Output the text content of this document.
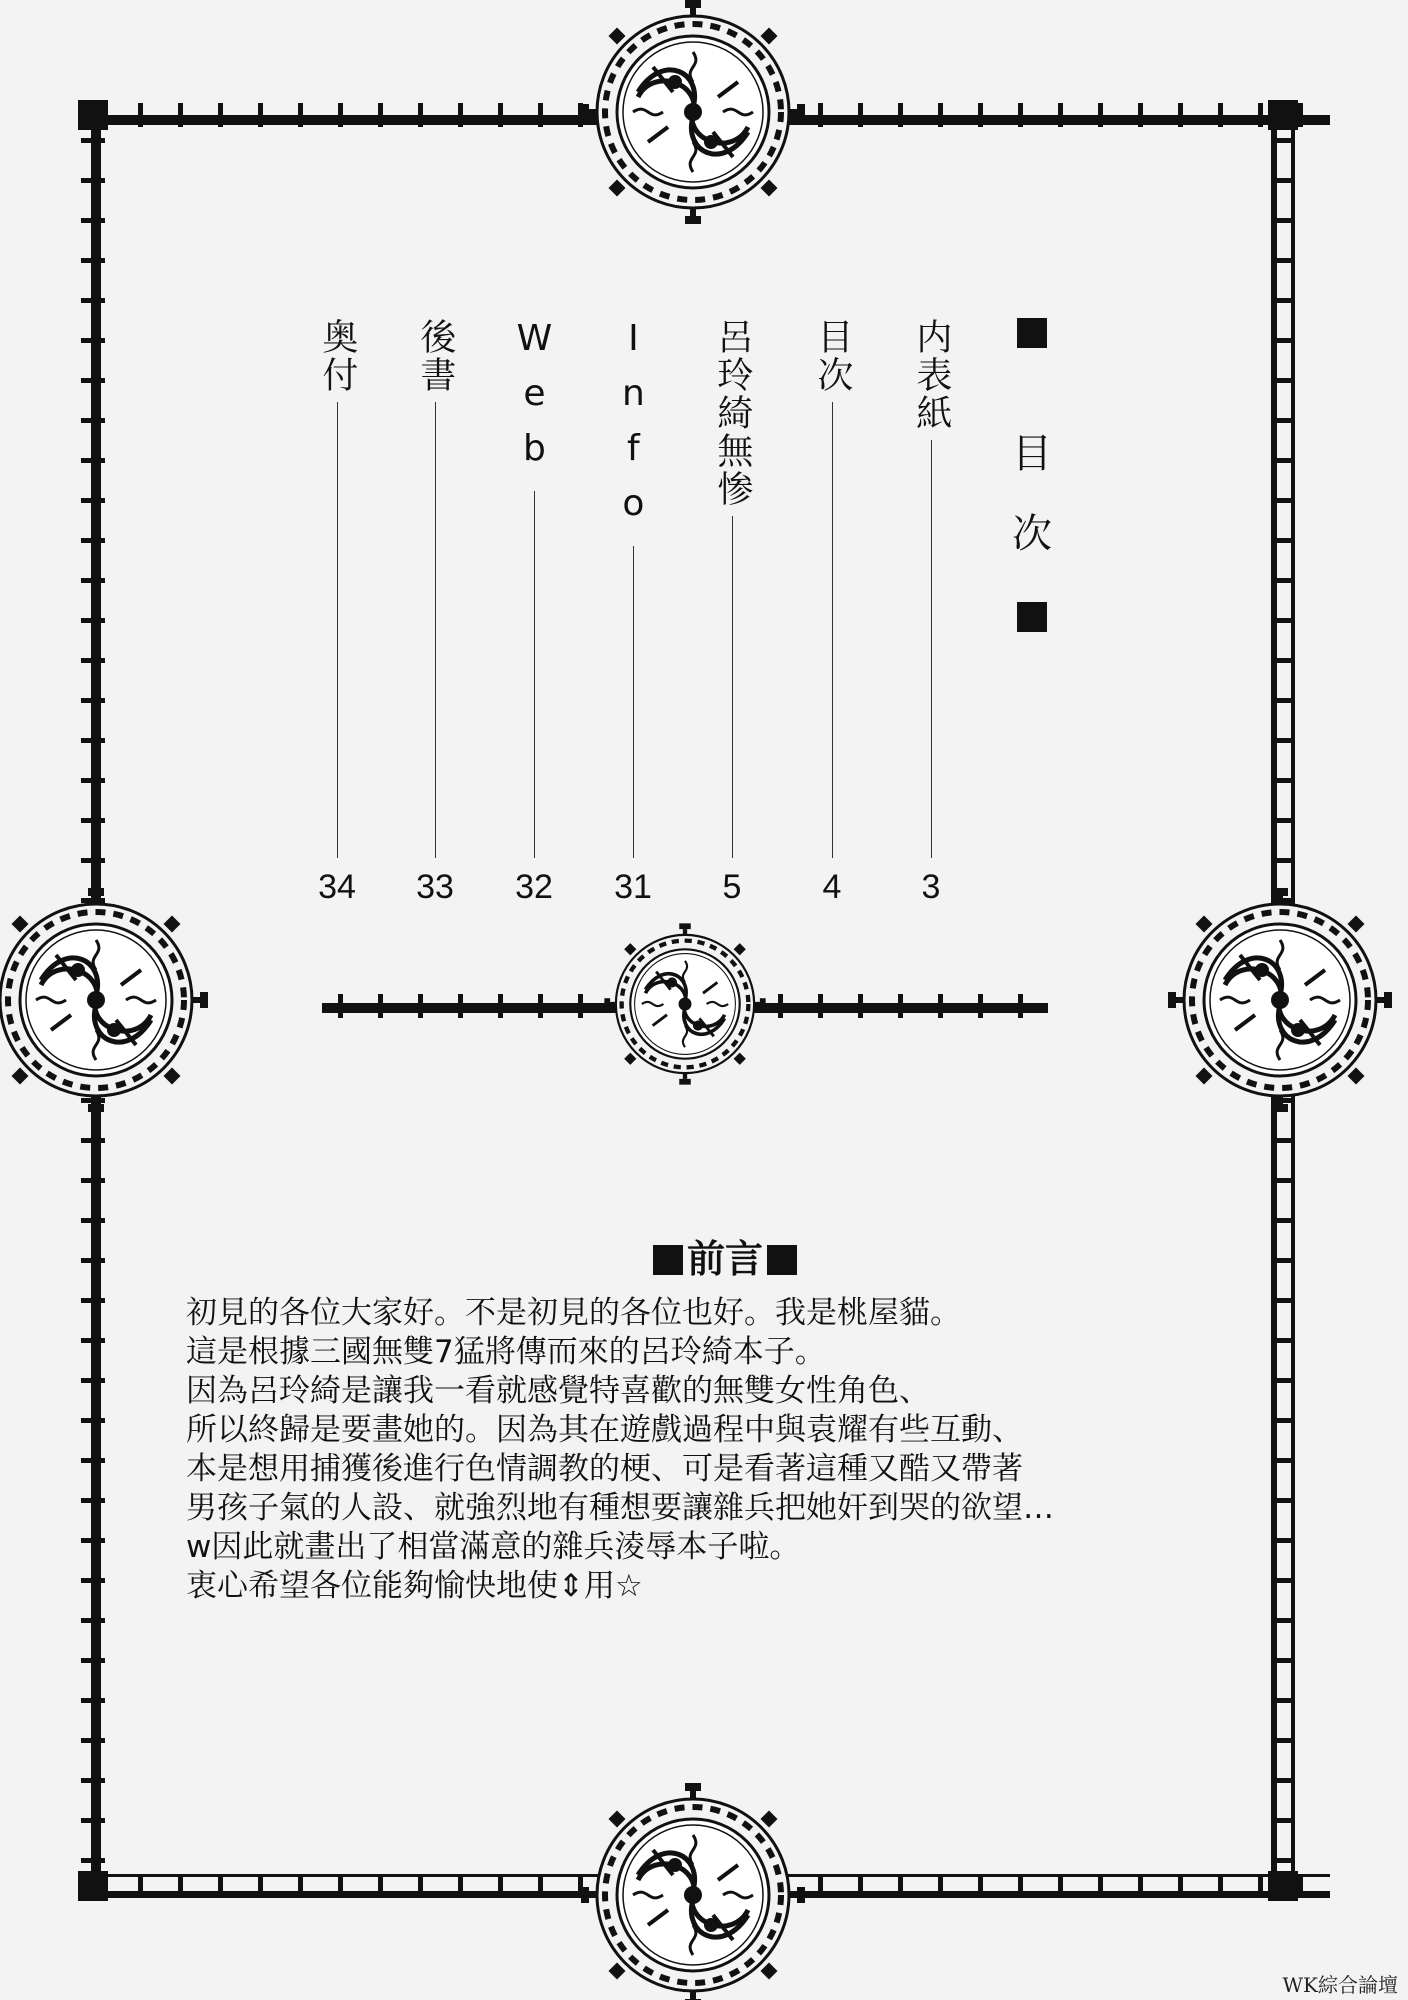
目
次
内表紙
3
目次
4
呂玲綺無惨
5
Info
31
Web
32
後書
33
奥付
34
前言

初見的各位大家好。不是初見的各位也好。我是桃屋貓。

這是根據三國無雙7猛將傳而來的呂玲綺本子。

因為呂玲綺是讓我一看就感覺特喜歡的無雙女性角色、

所以終歸是要畫她的。因為其在遊戲過程中與袁耀有些互動、

本是想用捕獲後進行色情調教的梗、可是看著這種又酷又帶著

男孩子氣的人設、就強烈地有種想要讓雜兵把她奸到哭的欲望…

w因此就畫出了相當滿意的雜兵淩辱本子啦。

衷心希望各位能夠愉快地使⇕用☆

WK綜合論壇
